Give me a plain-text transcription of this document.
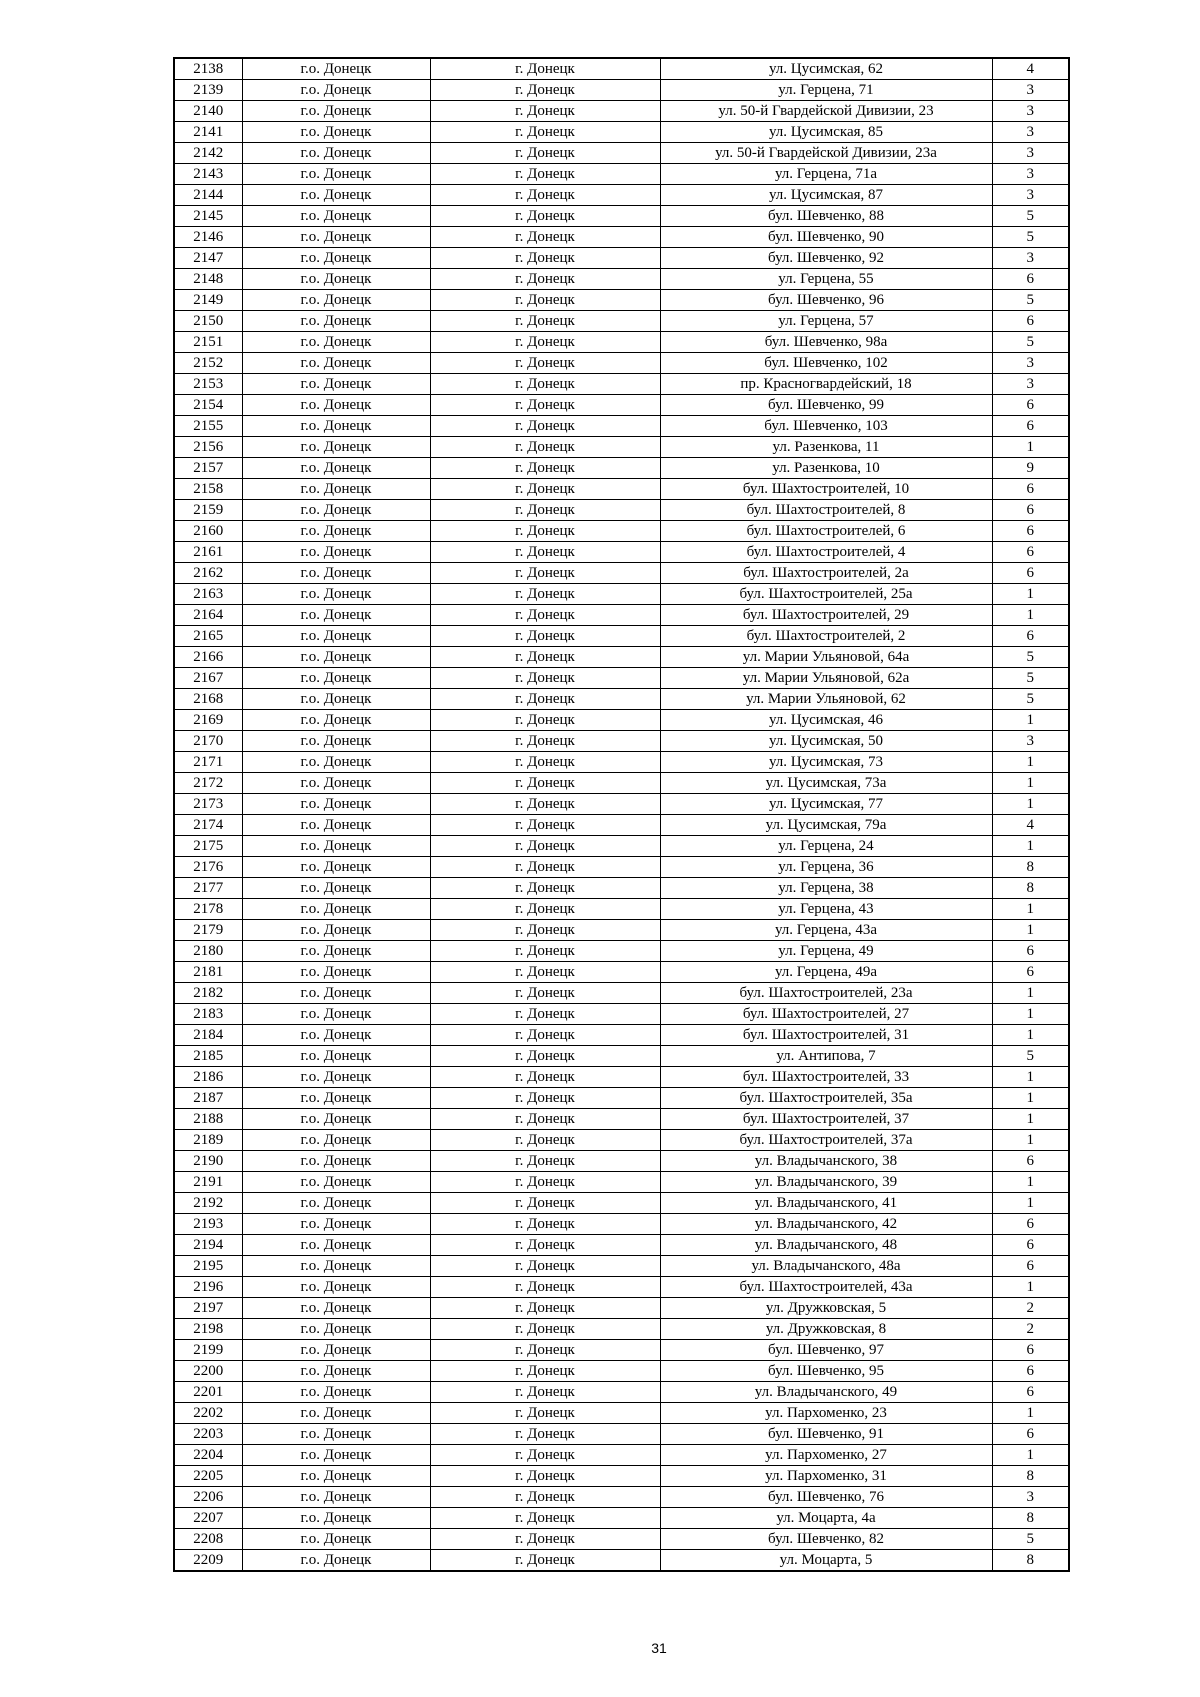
2138	г.о. Донецк	г. Донецк	ул. Цусимская, 62	4
2139	г.о. Донецк	г. Донецк	ул. Герцена, 71	3
2140	г.о. Донецк	г. Донецк	ул. 50-й Гвардейской Дивизии, 23	3
2141	г.о. Донецк	г. Донецк	ул. Цусимская, 85	3
2142	г.о. Донецк	г. Донецк	ул. 50-й Гвардейской Дивизии, 23а	3
2143	г.о. Донецк	г. Донецк	ул. Герцена, 71а	3
2144	г.о. Донецк	г. Донецк	ул. Цусимская, 87	3
2145	г.о. Донецк	г. Донецк	бул. Шевченко, 88	5
2146	г.о. Донецк	г. Донецк	бул. Шевченко, 90	5
2147	г.о. Донецк	г. Донецк	бул. Шевченко, 92	3
2148	г.о. Донецк	г. Донецк	ул. Герцена, 55	6
2149	г.о. Донецк	г. Донецк	бул. Шевченко, 96	5
2150	г.о. Донецк	г. Донецк	ул. Герцена, 57	6
2151	г.о. Донецк	г. Донецк	бул. Шевченко, 98а	5
2152	г.о. Донецк	г. Донецк	бул. Шевченко, 102	3
2153	г.о. Донецк	г. Донецк	пр. Красногвардейский, 18	3
2154	г.о. Донецк	г. Донецк	бул. Шевченко, 99	6
2155	г.о. Донецк	г. Донецк	бул. Шевченко, 103	6
2156	г.о. Донецк	г. Донецк	ул. Разенкова, 11	1
2157	г.о. Донецк	г. Донецк	ул. Разенкова, 10	9
2158	г.о. Донецк	г. Донецк	бул. Шахтостроителей, 10	6
2159	г.о. Донецк	г. Донецк	бул. Шахтостроителей, 8	6
2160	г.о. Донецк	г. Донецк	бул. Шахтостроителей, 6	6
2161	г.о. Донецк	г. Донецк	бул. Шахтостроителей, 4	6
2162	г.о. Донецк	г. Донецк	бул. Шахтостроителей, 2а	6
2163	г.о. Донецк	г. Донецк	бул. Шахтостроителей, 25а	1
2164	г.о. Донецк	г. Донецк	бул. Шахтостроителей, 29	1
2165	г.о. Донецк	г. Донецк	бул. Шахтостроителей, 2	6
2166	г.о. Донецк	г. Донецк	ул. Марии Ульяновой, 64а	5
2167	г.о. Донецк	г. Донецк	ул. Марии Ульяновой, 62а	5
2168	г.о. Донецк	г. Донецк	ул. Марии Ульяновой, 62	5
2169	г.о. Донецк	г. Донецк	ул. Цусимская, 46	1
2170	г.о. Донецк	г. Донецк	ул. Цусимская, 50	3
2171	г.о. Донецк	г. Донецк	ул. Цусимская, 73	1
2172	г.о. Донецк	г. Донецк	ул. Цусимская, 73а	1
2173	г.о. Донецк	г. Донецк	ул. Цусимская, 77	1
2174	г.о. Донецк	г. Донецк	ул. Цусимская, 79а	4
2175	г.о. Донецк	г. Донецк	ул. Герцена, 24	1
2176	г.о. Донецк	г. Донецк	ул. Герцена, 36	8
2177	г.о. Донецк	г. Донецк	ул. Герцена, 38	8
2178	г.о. Донецк	г. Донецк	ул. Герцена, 43	1
2179	г.о. Донецк	г. Донецк	ул. Герцена, 43а	1
2180	г.о. Донецк	г. Донецк	ул. Герцена, 49	6
2181	г.о. Донецк	г. Донецк	ул. Герцена, 49а	6
2182	г.о. Донецк	г. Донецк	бул. Шахтостроителей, 23а	1
2183	г.о. Донецк	г. Донецк	бул. Шахтостроителей, 27	1
2184	г.о. Донецк	г. Донецк	бул. Шахтостроителей, 31	1
2185	г.о. Донецк	г. Донецк	ул. Антипова, 7	5
2186	г.о. Донецк	г. Донецк	бул. Шахтостроителей, 33	1
2187	г.о. Донецк	г. Донецк	бул. Шахтостроителей, 35а	1
2188	г.о. Донецк	г. Донецк	бул. Шахтостроителей, 37	1
2189	г.о. Донецк	г. Донецк	бул. Шахтостроителей, 37а	1
2190	г.о. Донецк	г. Донецк	ул. Владычанского, 38	6
2191	г.о. Донецк	г. Донецк	ул. Владычанского, 39	1
2192	г.о. Донецк	г. Донецк	ул. Владычанского, 41	1
2193	г.о. Донецк	г. Донецк	ул. Владычанского, 42	6
2194	г.о. Донецк	г. Донецк	ул. Владычанского, 48	6
2195	г.о. Донецк	г. Донецк	ул. Владычанского, 48а	6
2196	г.о. Донецк	г. Донецк	бул. Шахтостроителей, 43а	1
2197	г.о. Донецк	г. Донецк	ул. Дружковская, 5	2
2198	г.о. Донецк	г. Донецк	ул. Дружковская, 8	2
2199	г.о. Донецк	г. Донецк	бул. Шевченко, 97	6
2200	г.о. Донецк	г. Донецк	бул. Шевченко, 95	6
2201	г.о. Донецк	г. Донецк	ул. Владычанского, 49	6
2202	г.о. Донецк	г. Донецк	ул. Пархоменко, 23	1
2203	г.о. Донецк	г. Донецк	бул. Шевченко, 91	6
2204	г.о. Донецк	г. Донецк	ул. Пархоменко, 27	1
2205	г.о. Донецк	г. Донецк	ул. Пархоменко, 31	8
2206	г.о. Донецк	г. Донецк	бул. Шевченко, 76	3
2207	г.о. Донецк	г. Донецк	ул. Моцарта, 4а	8
2208	г.о. Донецк	г. Донецк	бул. Шевченко, 82	5
2209	г.о. Донецк	г. Донецк	ул. Моцарта, 5	8
31
